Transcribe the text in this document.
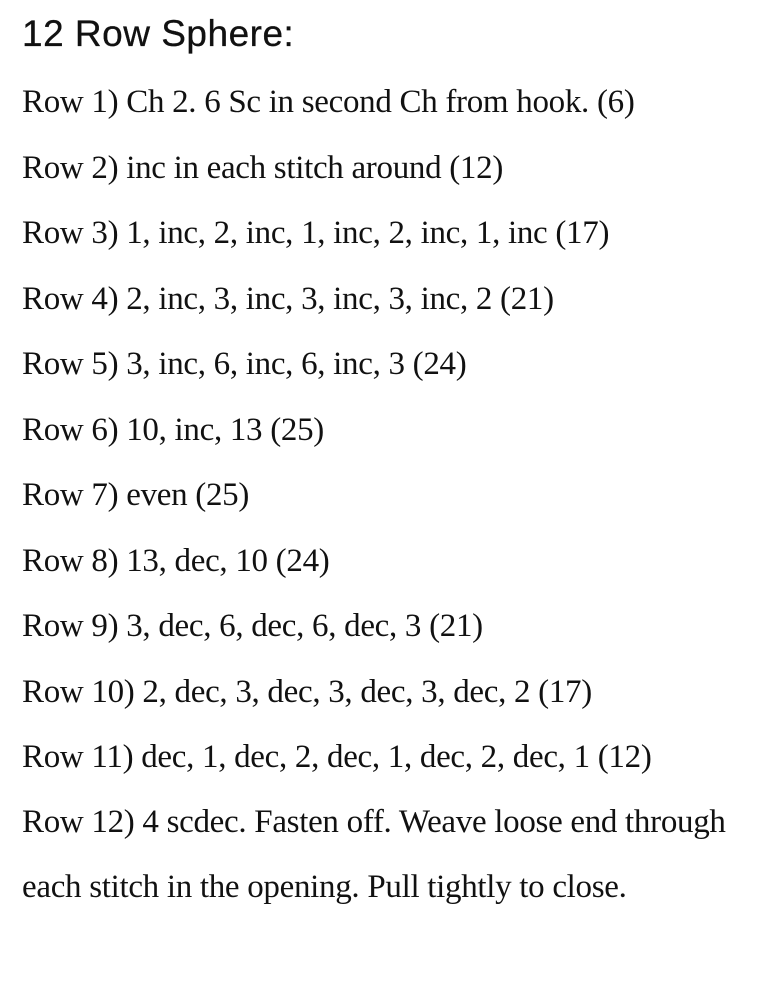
12 Row Sphere:
Row 1) Ch 2. 6 Sc in second Ch from hook. (6)
Row 2) inc in each stitch around (12)
Row 3) 1, inc, 2, inc, 1, inc, 2, inc, 1, inc (17)
Row 4) 2, inc, 3, inc, 3, inc, 3, inc, 2 (21)
Row 5) 3, inc, 6, inc, 6, inc, 3 (24)
Row 6) 10, inc, 13 (25)
Row 7) even (25)
Row 8) 13, dec, 10 (24)
Row 9) 3, dec, 6, dec, 6, dec, 3 (21)
Row 10) 2, dec, 3, dec, 3, dec, 3, dec, 2 (17)
Row 11) dec, 1, dec, 2, dec, 1, dec, 2, dec, 1 (12)
Row 12) 4 scdec. Fasten off. Weave loose end through each stitch in the opening. Pull tightly to close.
